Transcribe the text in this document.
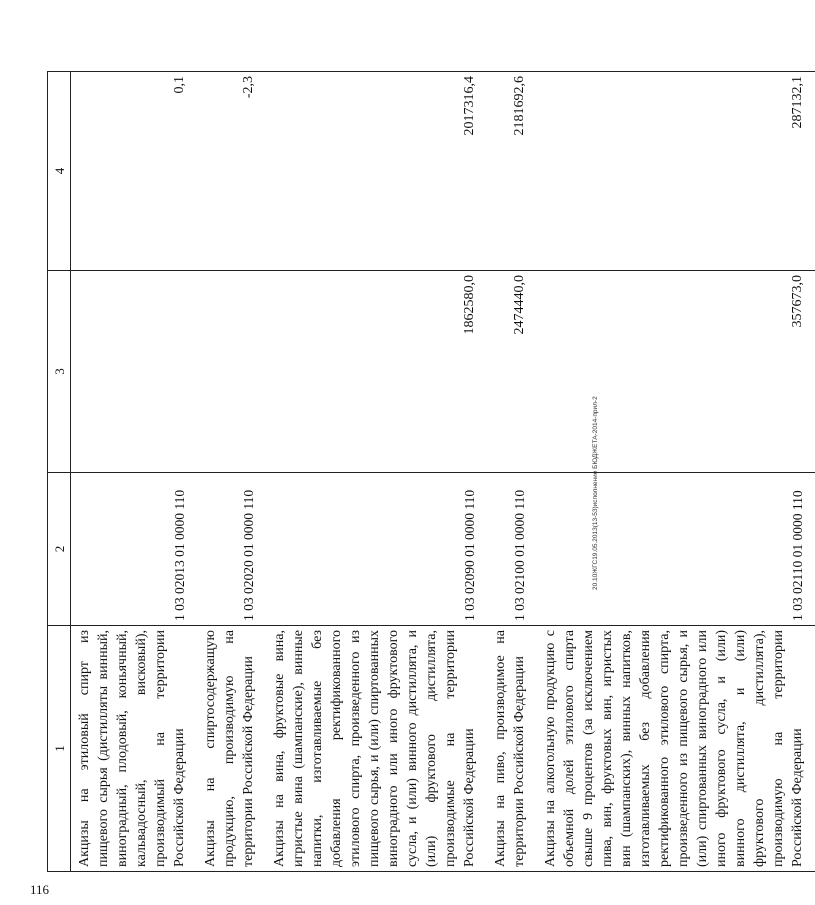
1	2	3	4
Акцизы на этиловый спирт из пищевого сырья (дистилляты винный, виноградный, плодовый, коньячный, кальвадосный, висковый), производимый на территории Российской Федерации	1 03 02013 01 0000 110		0,1
Акцизы на спиртосодержащую продукцию, производимую на территории Российской Федерации	1 03 02020 01 0000 110		-2,3
Акцизы на вина, фруктовые вина, игристые вина (шампанские), винные напитки, изготавливаемые без добавления ректификованного этилового спирта, произведенного из пищевого сырья, и (или) спиртованных виноградного или иного фруктового сусла, и (или) винного дистиллята, и (или) фруктового дистиллята, производимые на территории Российской Федерации	1 03 02090 01 0000 110	1862580,0	2017316,4
Акцизы на пиво, производимое на территории Российской Федерации	1 03 02100 01 0000 110	2474440,0	2181692,6
Акцизы на алкогольную продукцию с объемной долей этилового спирта свыше 9 процентов (за исключением пива, вин, фруктовых вин, игристых вин (шампанских), винных напитков, изготавливаемых без добавления ректификованного этилового спирта, произведенного из пищевого сырья, и (или) спиртованных виноградного или иного фруктового сусла, и (или) винного дистиллята, и (или) фруктового дистиллята), производимую на территории Российской Федерации	1 03 02110 01 0000 110	357673,0	287132,1
20.10ЖГС19.05.2013(13-53)исполнение БЮДЖЕТА-2014-прил-2
116
